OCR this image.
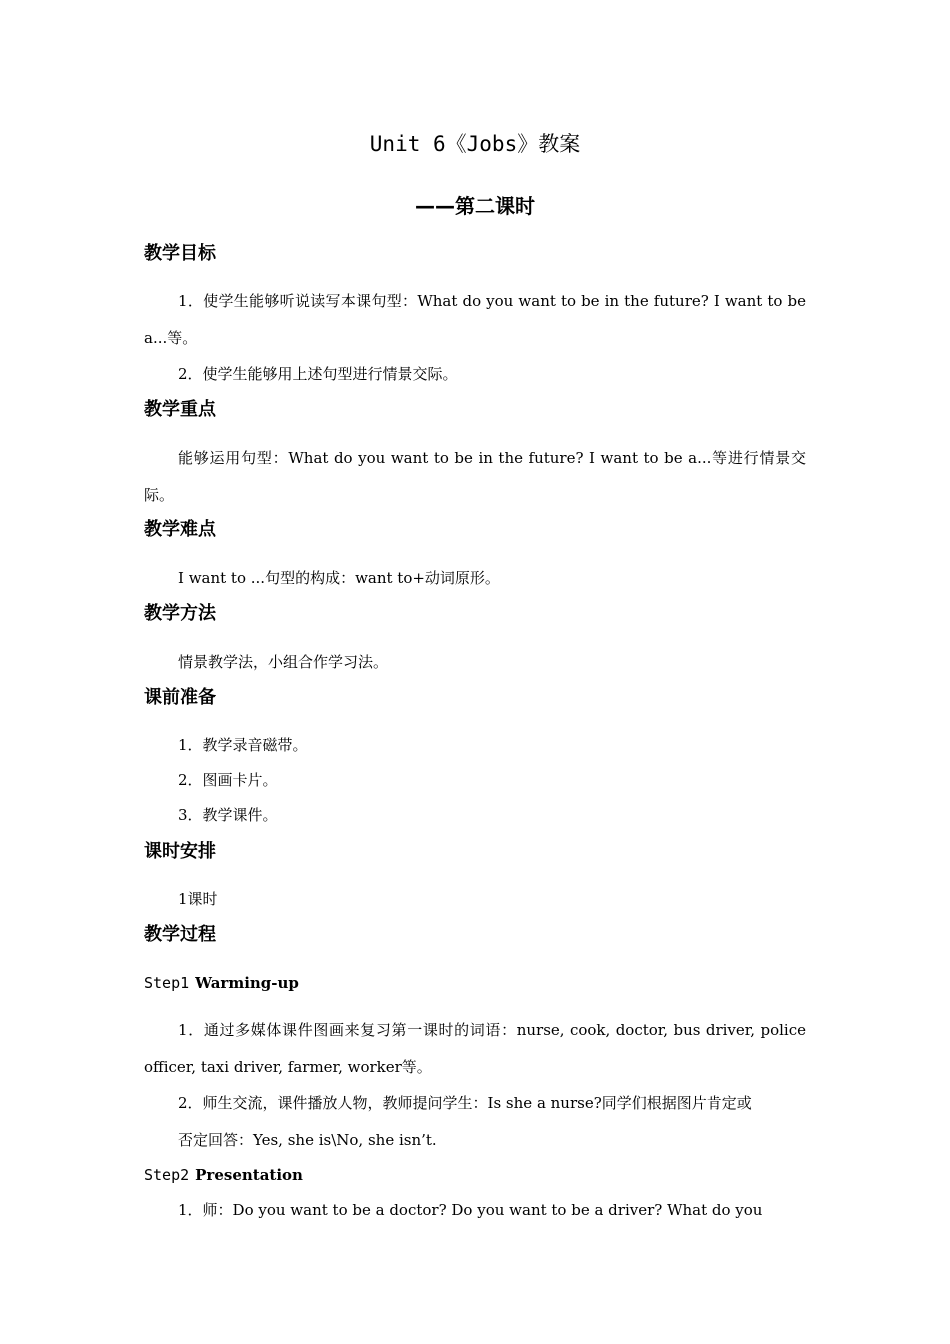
Unit 6《Jobs》教案
——第二课时
教学目标
1．使学生能够听说读写本课句型：What do you want to be in the future? I want to be a...等。
2．使学生能够用上述句型进行情景交际。
教学重点
能够运用句型：What do you want to be in the future? I want to be a...等进行情景交际。
教学难点
I want to ...句型的构成：want to+动词原形。
教学方法
情景教学法，小组合作学习法。
课前准备
1．教学录音磁带。
2．图画卡片。
3．教学课件。
课时安排
1课时
教学过程
Step1 Warming-up
1．通过多媒体课件图画来复习第一课时的词语：nurse, cook, doctor, bus driver, police officer, taxi driver, farmer, worker等。
2．师生交流，课件播放人物，教师提问学生：Is she a nurse?同学们根据图片肯定或
否定回答：Yes, she is\No, she isn’t.
Step2 Presentation
1．师：Do you want to be a doctor? Do you want to be a driver? What do you
